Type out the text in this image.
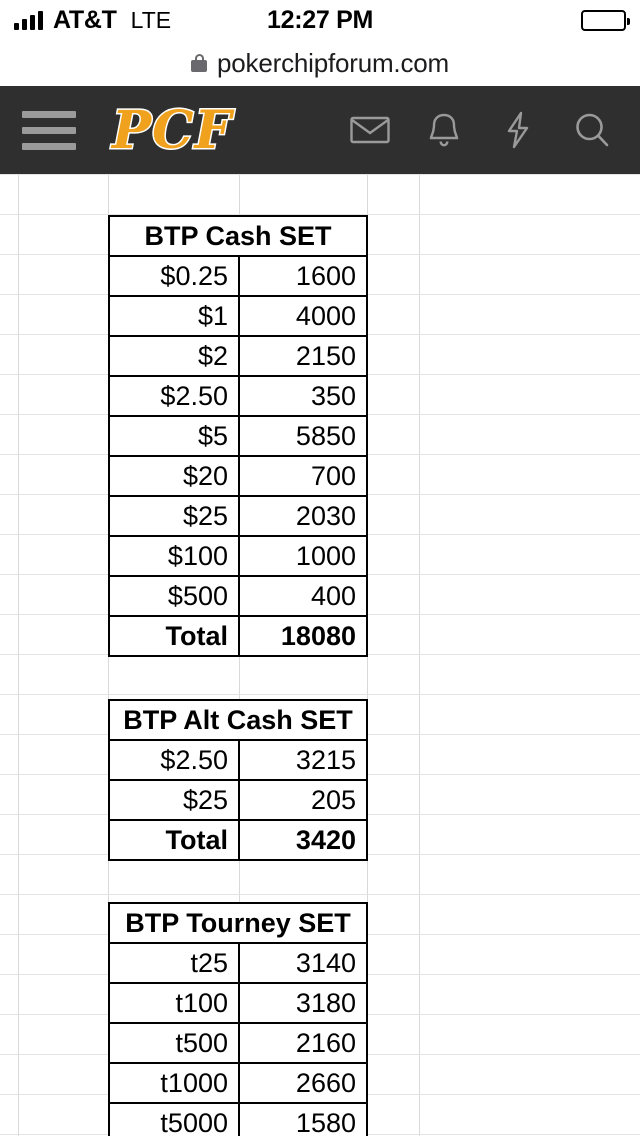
AT&T LTE	12:27 PM
pokerchipforum.com
PCF
BTP Cash SET	
$0.25	1600
$1	4000
$2	2150
$2.50	350
$5	5850
$20	700
$25	2030
$100	1000
$500	400
Total	18080
BTP Alt Cash SET	
$2.50	3215
$25	205
Total	3420
BTP Tourney SET	
t25	3140
t100	3180
t500	2160
t1000	2660
t5000	1580
